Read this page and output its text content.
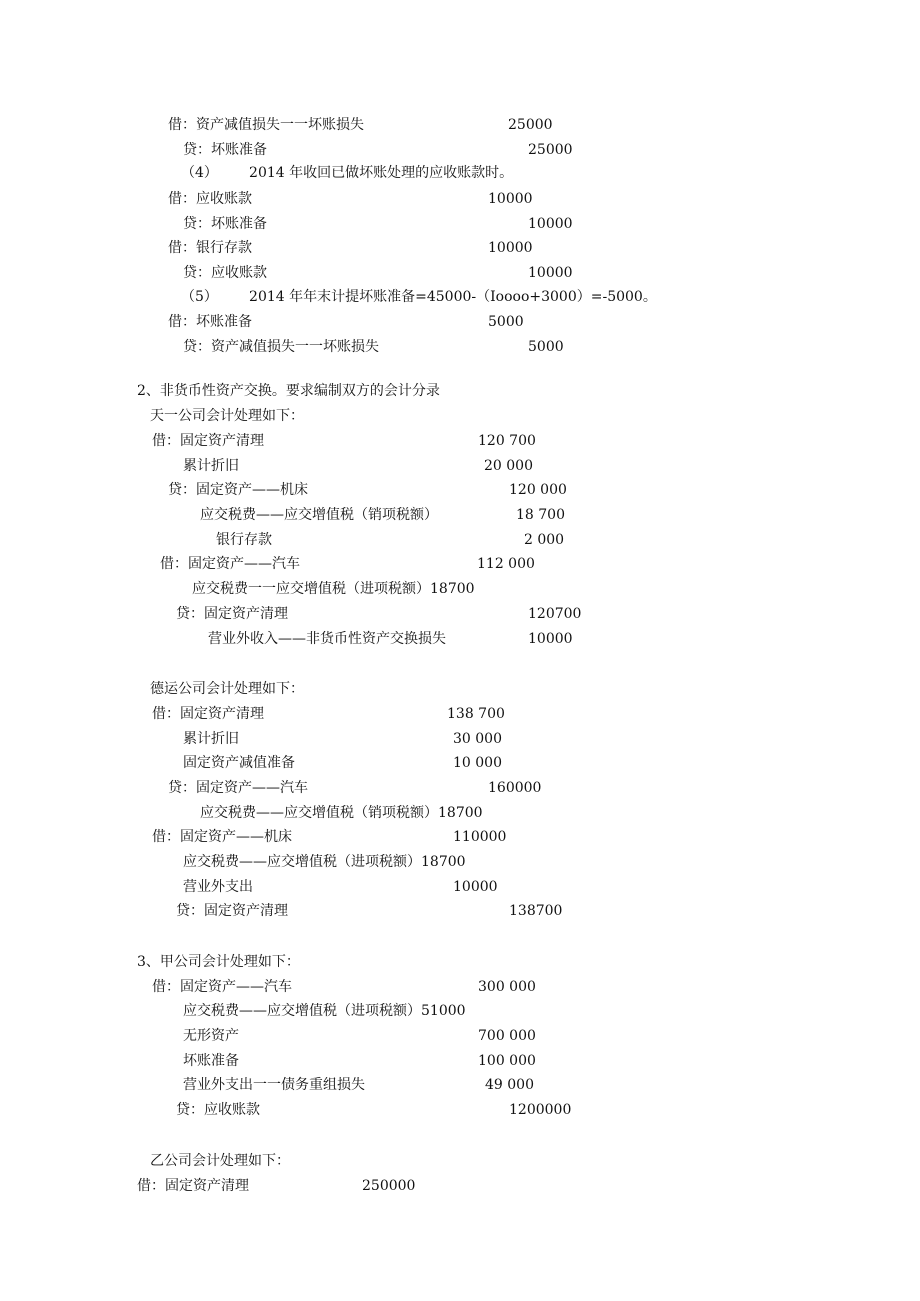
借：资产减值损失一一坏账损失	25000
贷：坏账准备	25000
（4）       2014 年收回已做坏账处理的应收账款时。
借：应收账款	10000
贷：坏账准备	10000
借：银行存款	10000
贷：应收账款	10000
（5）       2014 年年末计提坏账准备=45000-（Ioooo+3000）=-5000。
借：坏账准备	5000
贷：资产减值损失一一坏账损失	5000
2、非货币性资产交换。要求编制双方的会计分录
天一公司会计处理如下：
借：固定资产清理	120 700
累计折旧	20 000
贷：固定资产——机床	120 000
应交税费——应交增值税（销项税额）	18 700
银行存款	2 000
借：固定资产——汽车	112 000
应交税费一一应交增值税（进项税额）18700
贷：固定资产清理	120700
营业外收入——非货币性资产交换损失	10000
德运公司会计处理如下：
借：固定资产清理	138 700
累计折旧	30 000
固定资产减值准备	10 000
贷：固定资产——汽车	160000
应交税费——应交增值税（销项税额）18700
借：固定资产——机床	110000
应交税费——应交增值税（进项税额）18700
营业外支出	10000
贷：固定资产清理	138700
3、甲公司会计处理如下：
借：固定资产——汽车	300 000
应交税费——应交增值税（进项税额）51000
无形资产	700 000
坏账准备	100 000
营业外支出一一债务重组损失	49 000
贷：应收账款	1200000
乙公司会计处理如下：
借：固定资产清理	250000
